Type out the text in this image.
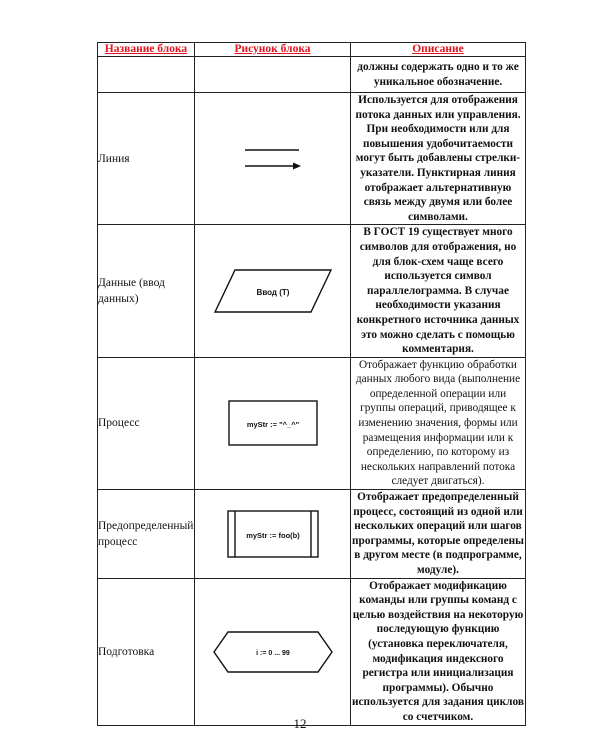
Название блока	Рисунок блока	Описание
		должны содержать одно и то же уникальное обозначение.
Линия		Используется для отображения потока данных или управления. При необходимости или для повышения удобочитаемости могут быть добавлены стрелки-указатели. Пунктирная линия отображает альтернативную связь между двумя или более символами.
Данные (ввод данных)	Ввод (Т)	В ГОСТ 19 существует много символов для отображения, но для блок-схем чаще всего используется символ параллелограмма. В случае необходимости указания конкретного источника данных это можно сделать с помощью комментария.
Процесс	myStr := "^_^"	Отображает функцию обработки данных любого вида (выполнение определенной операции или группы операций, приводящее к изменению значения, формы или размещения информации или к определению, по которому из нескольких направлений потока следует двигаться).
Предопределенный процесс	myStr := foo(b)	Отображает предопределенный процесс, состоящий из одной или нескольких операций или шагов программы, которые определены в другом месте (в подпрограмме, модуле).
Подготовка	i := 0 ... 99	Отображает модификацию команды или группы команд с целью воздействия на некоторую последующую функцию (установка переключателя, модификация индексного регистра или инициализация программы). Обычно используется для задания циклов со счетчиком.
12
